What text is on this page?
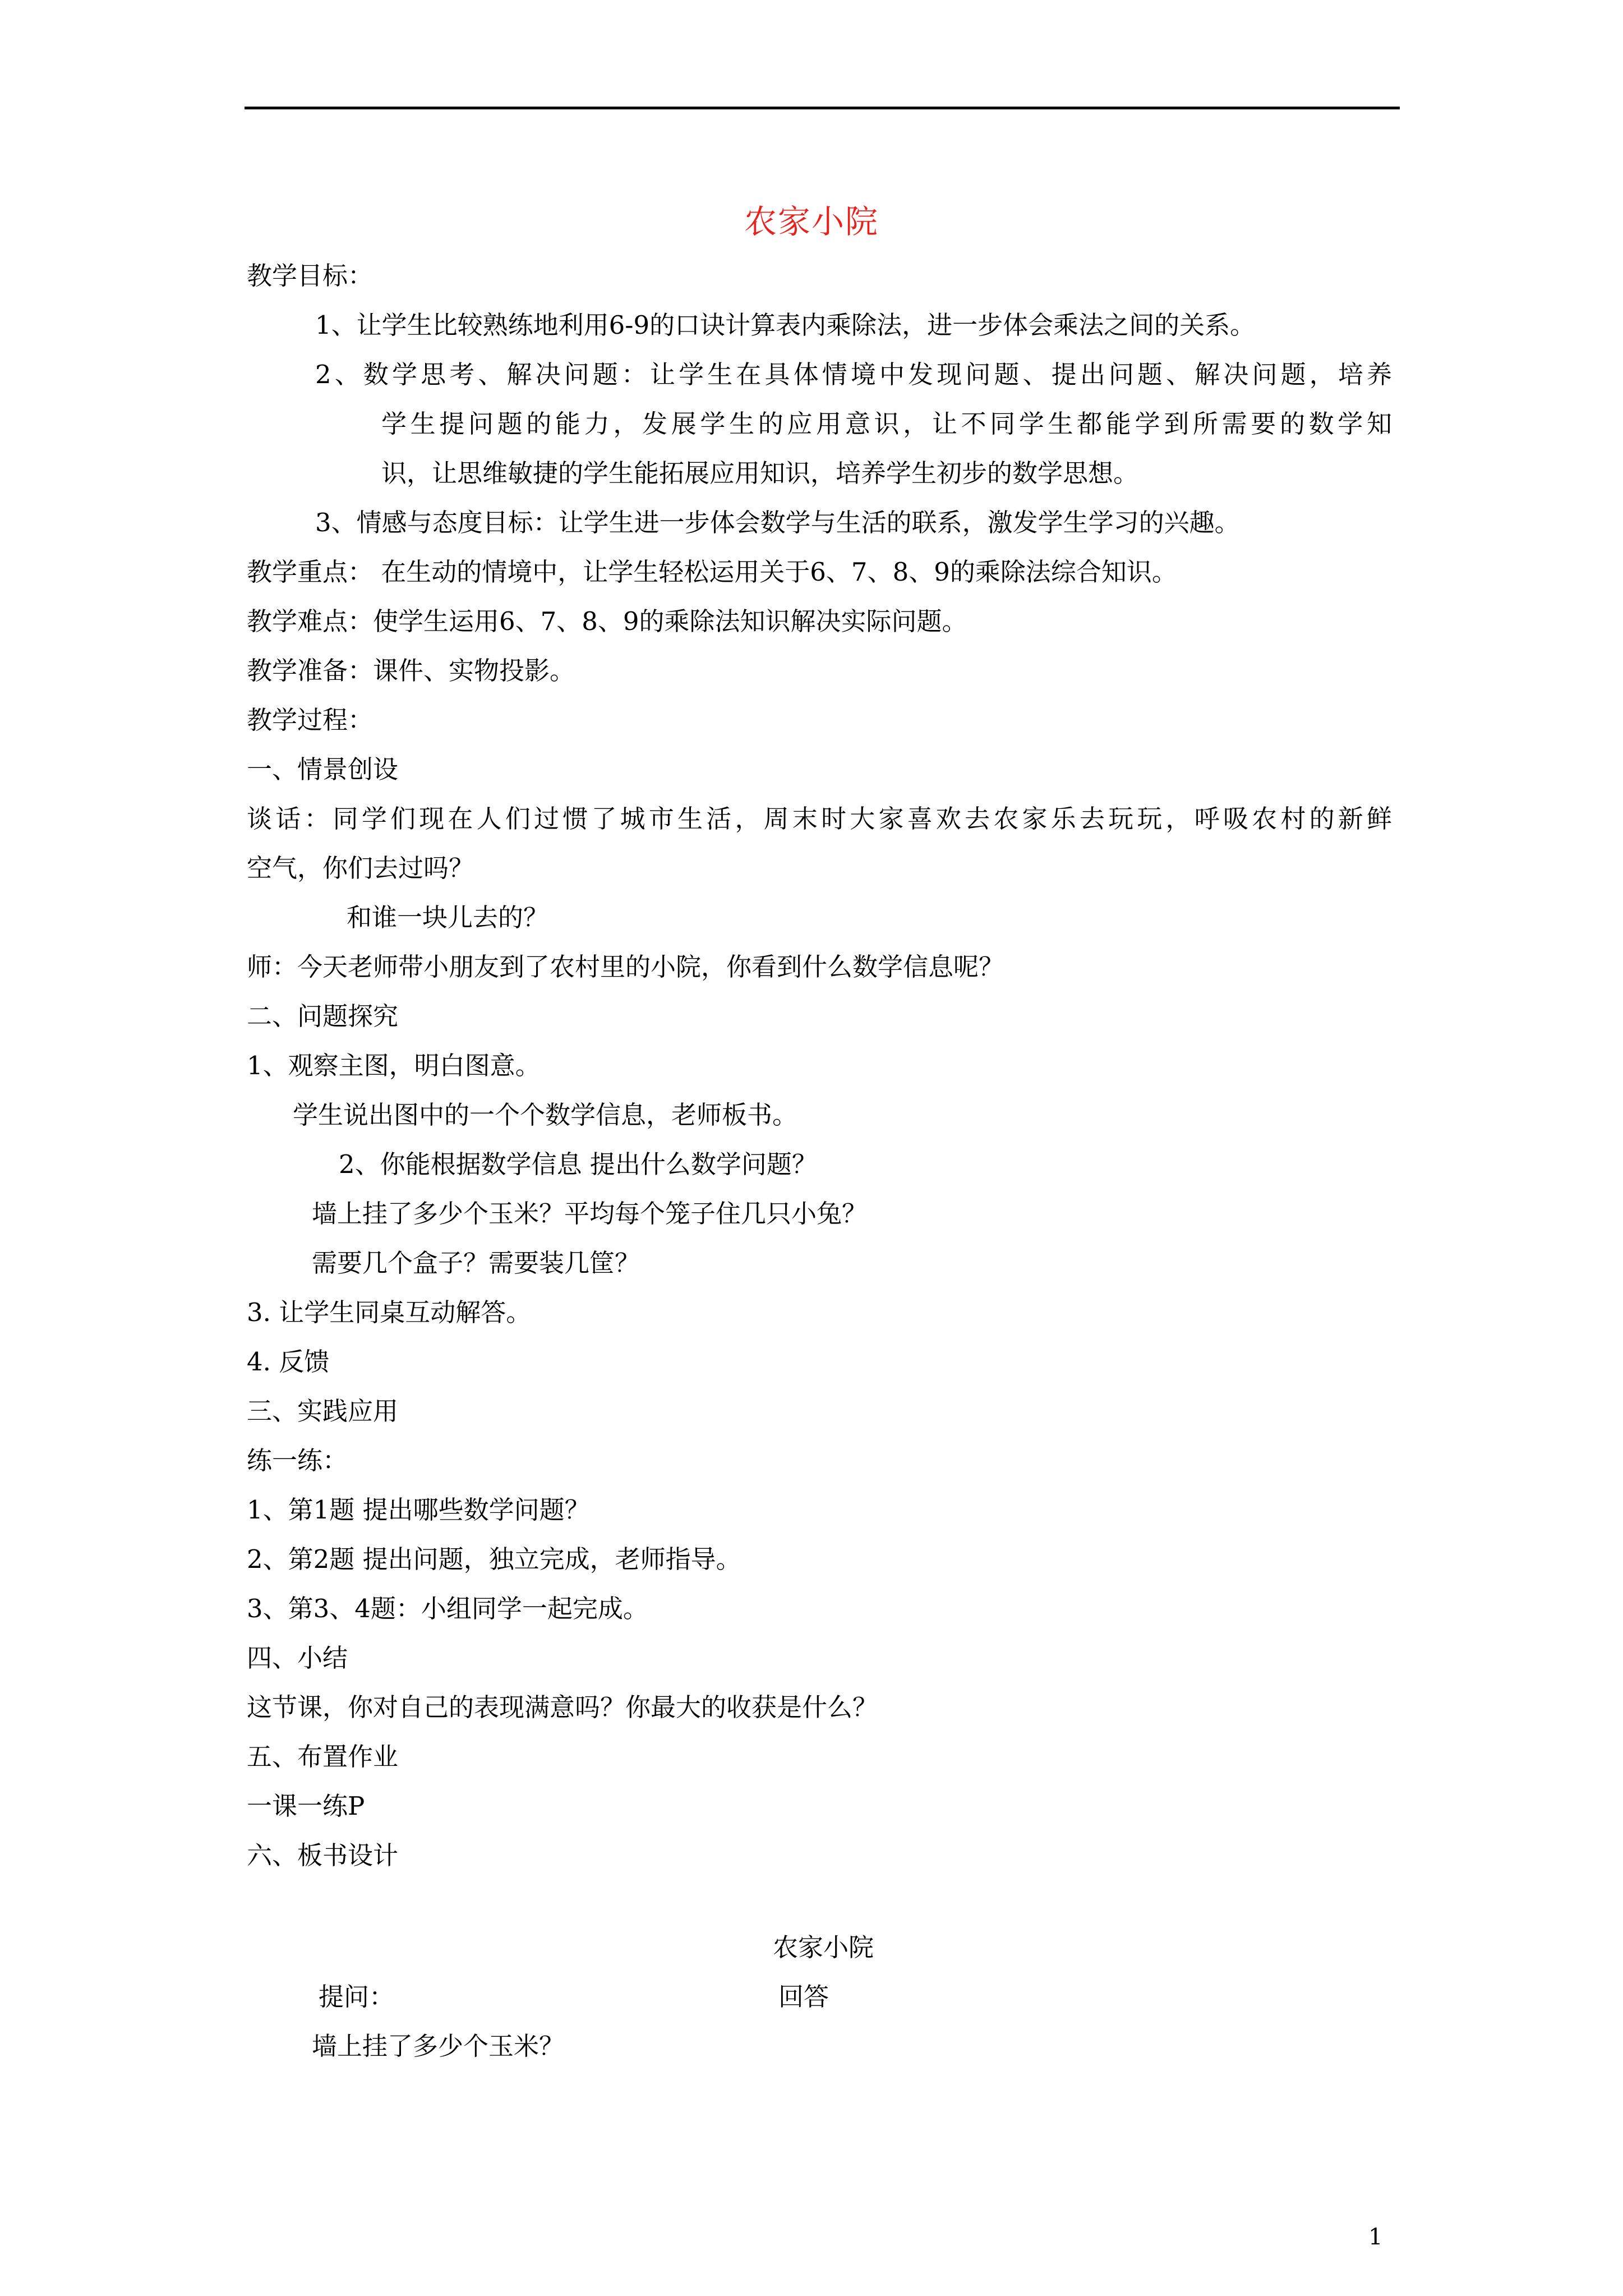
农家小院
教学目标：
1、让学生比较熟练地利用6-9的口诀计算表内乘除法，进一步体会乘法之间的关系。
2、数学思考、解决问题：让学生在具体情境中发现问题、提出问题、解决问题，培养
学生提问题的能力，发展学生的应用意识，让不同学生都能学到所需要的数学知
识，让思维敏捷的学生能拓展应用知识，培养学生初步的数学思想。
3、情感与态度目标：让学生进一步体会数学与生活的联系，激发学生学习的兴趣。
教学重点： 在生动的情境中，让学生轻松运用关于6、7、8、9的乘除法综合知识。
教学难点：使学生运用6、7、8、9的乘除法知识解决实际问题。
教学准备：课件、实物投影。
教学过程：
一、情景创设
谈话：同学们现在人们过惯了城市生活，周末时大家喜欢去农家乐去玩玩，呼吸农村的新鲜
空气，你们去过吗？
和谁一块儿去的？
师：今天老师带小朋友到了农村里的小院，你看到什么数学信息呢？
二、问题探究
1、观察主图，明白图意。
学生说出图中的一个个数学信息，老师板书。
2、你能根据数学信息 提出什么数学问题？
墙上挂了多少个玉米？平均每个笼子住几只小兔？
需要几个盒子？需要装几筐？
3. 让学生同桌互动解答。
4. 反馈
三、实践应用
练一练：
1、第1题 提出哪些数学问题？
2、第2题 提出问题，独立完成，老师指导。
3、第3、4题：小组同学一起完成。
四、小结
这节课，你对自己的表现满意吗？你最大的收获是什么？
五、布置作业
一课一练P
六、板书设计
农家小院
提问：	回答
墙上挂了多少个玉米？
1
